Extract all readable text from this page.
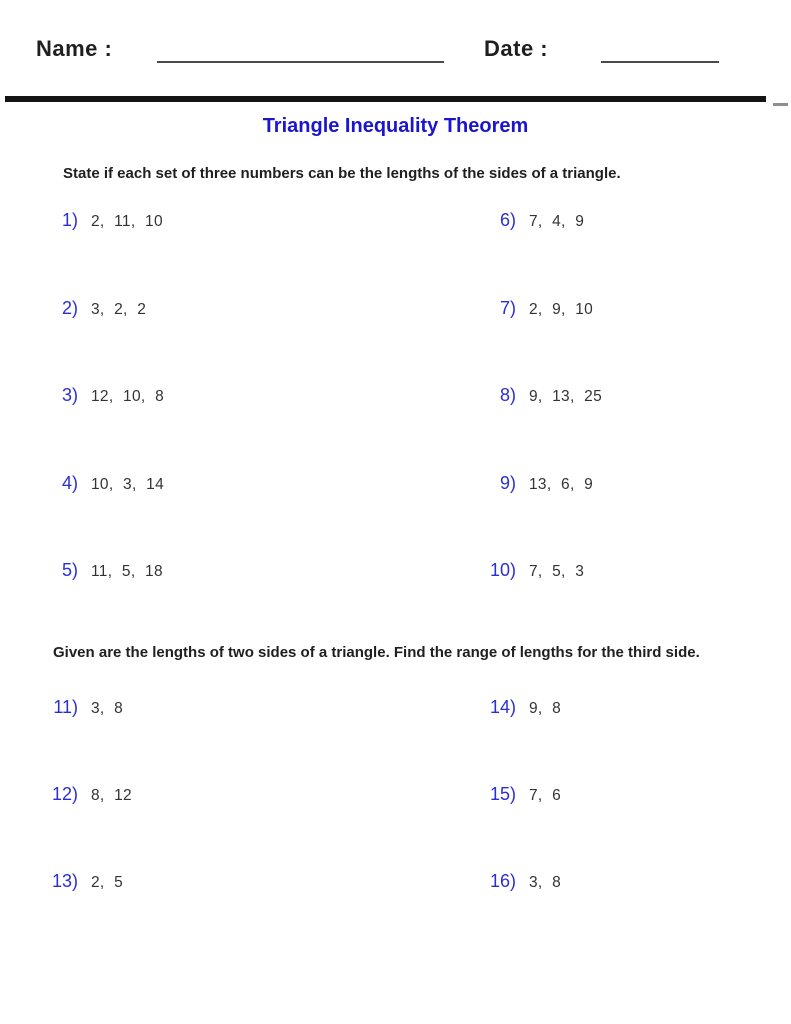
Name :	Date :
Triangle Inequality Theorem
State if each set of three numbers can be the lengths of the sides of a triangle.
1) 2, 11, 10
2) 3, 2, 2
3) 12, 10, 8
4) 10, 3, 14
5) 11, 5, 18
6) 7, 4, 9
7) 2, 9, 10
8) 9, 13, 25
9) 13, 6, 9
10) 7, 5, 3
Given are the lengths of two sides of a triangle. Find the range of lengths for the third side.
11) 3, 8
12) 8, 12
13) 2, 5
14) 9, 8
15) 7, 6
16) 3, 8
